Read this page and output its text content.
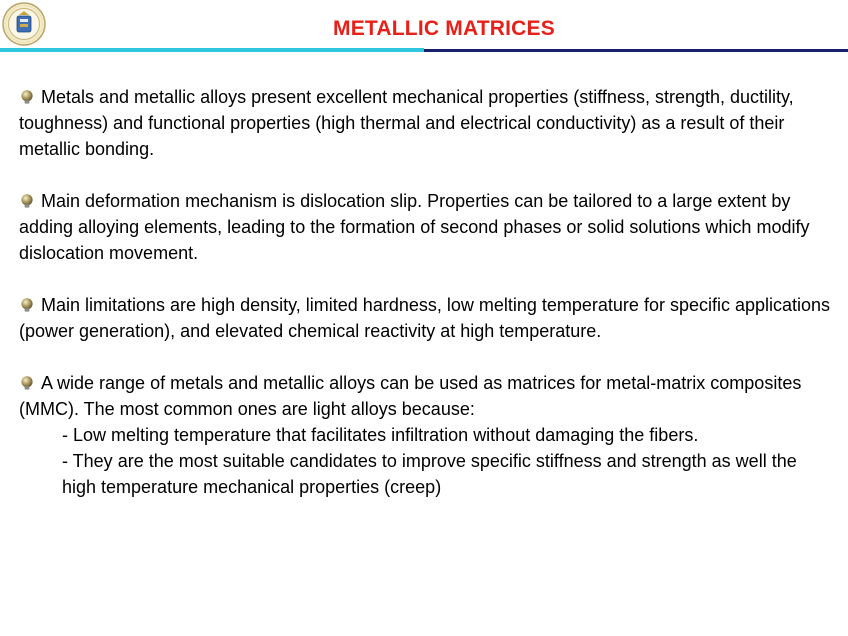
METALLIC MATRICES

Metals and metallic alloys present excellent mechanical properties (stiffness, strength, ductility, toughness) and functional properties (high thermal and electrical conductivity) as a result of their metallic bonding.

Main deformation mechanism is dislocation slip. Properties can be tailored to a large extent by adding alloying elements, leading to the formation of second phases or solid solutions which modify dislocation movement.

Main limitations are high density, limited hardness, low melting temperature for specific applications (power generation), and elevated chemical reactivity at high temperature.

A wide range of metals and metallic alloys can be used as matrices for metal-matrix composites (MMC). The most common ones are light alloys because:

- Low melting temperature that facilitates infiltration without damaging the fibers.

- They are the most suitable candidates to improve specific stiffness and strength as well the high temperature mechanical properties (creep)
